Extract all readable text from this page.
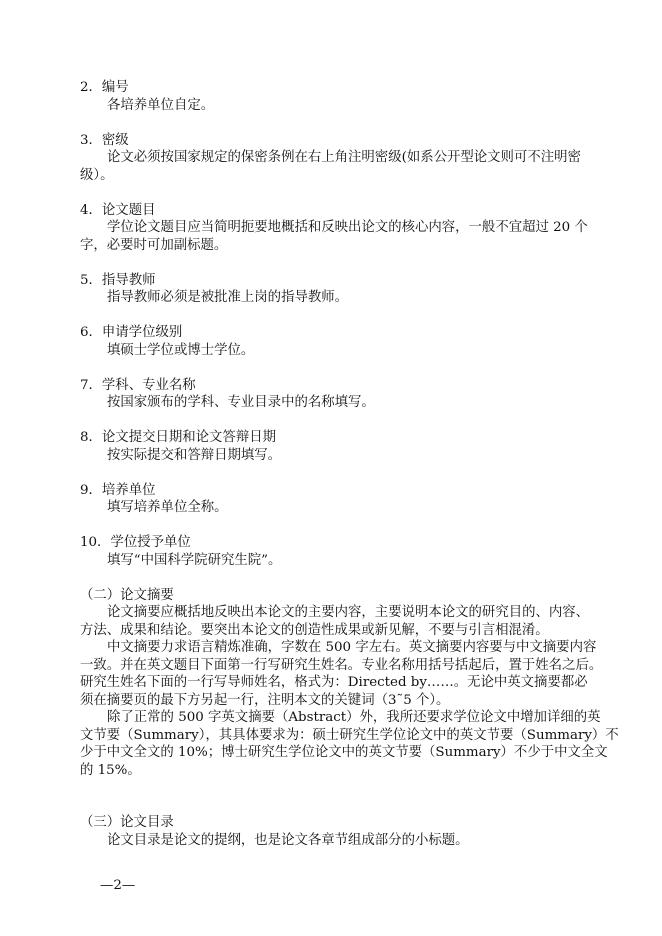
2．编号
各培养单位自定。
3．密级
论文必须按国家规定的保密条例在右上角注明密级(如系公开型论文则可不注明密
级）。
4．论文题目
学位论文题目应当简明扼要地概括和反映出论文的核心内容，一般不宜超过 20 个
字，必要时可加副标题。
5．指导教师
指导教师必须是被批准上岗的指导教师。
6．申请学位级别
填硕士学位或博士学位。
7．学科、专业名称
按国家颁布的学科、专业目录中的名称填写。
8．论文提交日期和论文答辩日期
按实际提交和答辩日期填写。
9．培养单位
填写培养单位全称。
10．学位授予单位
填写“中国科学院研究生院”。
（二）论文摘要
论文摘要应概括地反映出本论文的主要内容，主要说明本论文的研究目的、内容、
方法、成果和结论。要突出本论文的创造性成果或新见解，不要与引言相混淆。
中文摘要力求语言精炼准确，字数在 500 字左右。英文摘要内容要与中文摘要内容
一致。并在英文题目下面第一行写研究生姓名。专业名称用括号括起后，置于姓名之后。
研究生姓名下面的一行写导师姓名，格式为：Directed by……。无论中英文摘要都必
须在摘要页的最下方另起一行，注明本文的关键词（3˜5 个）。
除了正常的 500 字英文摘要（Abstract）外，我所还要求学位论文中增加详细的英
文节要（Summary），其具体要求为：硕士研究生学位论文中的英文节要（Summary）不
少于中文全文的 10%；博士研究生学位论文中的英文节要（Summary）不少于中文全文
的 15%。
（三）论文目录
论文目录是论文的提纲，也是论文各章节组成部分的小标题。
—2—
